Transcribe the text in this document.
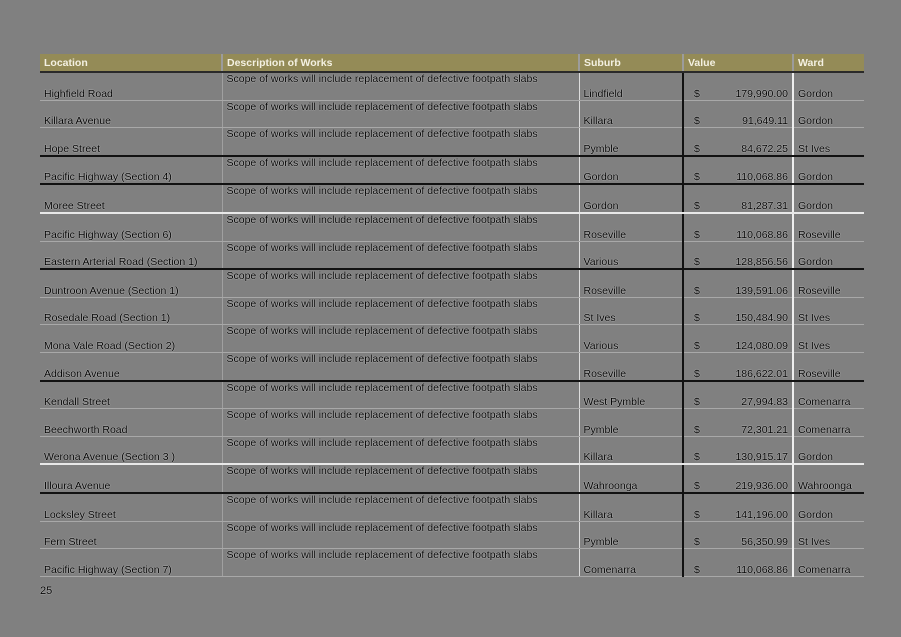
Location	Description of Works	Suburb	Value	Ward
Highfield Road	Scope of works will include replacement of defective footpath slabs	Lindfield	$ 179,990.00	Gordon
Killara Avenue	Scope of works will include replacement of defective footpath slabs	Killara	$ 91,649.11	Gordon
Hope Street	Scope of works will include replacement of defective footpath slabs	Pymble	$ 84,672.25	St Ives
Pacific Highway (Section 4)	Scope of works will include replacement of defective footpath slabs	Gordon	$ 110,068.86	Gordon
Moree Street	Scope of works will include replacement of defective footpath slabs	Gordon	$ 81,287.31	Gordon
Pacific Highway (Section 6)	Scope of works will include replacement of defective footpath slabs	Roseville	$ 110,068.86	Roseville
Eastern Arterial Road (Section 1)	Scope of works will include replacement of defective footpath slabs	Various	$ 128,856.56	Gordon
Duntroon Avenue (Section 1)	Scope of works will include replacement of defective footpath slabs	Roseville	$ 139,591.06	Roseville
Rosedale Road (Section 1)	Scope of works will include replacement of defective footpath slabs	St Ives	$ 150,484.90	St Ives
Mona Vale Road (Section 2)	Scope of works will include replacement of defective footpath slabs	Various	$ 124,080.09	St Ives
Addison Avenue	Scope of works will include replacement of defective footpath slabs	Roseville	$ 186,622.01	Roseville
Kendall Street	Scope of works will include replacement of defective footpath slabs	West Pymble	$ 27,994.83	Comenarra
Beechworth Road	Scope of works will include replacement of defective footpath slabs	Pymble	$ 72,301.21	Comenarra
Werona Avenue (Section 3 )	Scope of works will include replacement of defective footpath slabs	Killara	$ 130,915.17	Gordon
Illoura Avenue	Scope of works will include replacement of defective footpath slabs	Wahroonga	$ 219,936.00	Wahroonga
Locksley Street	Scope of works will include replacement of defective footpath slabs	Killara	$ 141,196.00	Gordon
Fern Street	Scope of works will include replacement of defective footpath slabs	Pymble	$ 56,350.99	St Ives
Pacific Highway (Section 7)	Scope of works will include replacement of defective footpath slabs	Comenarra	$ 110,068.86	Comenarra
25
